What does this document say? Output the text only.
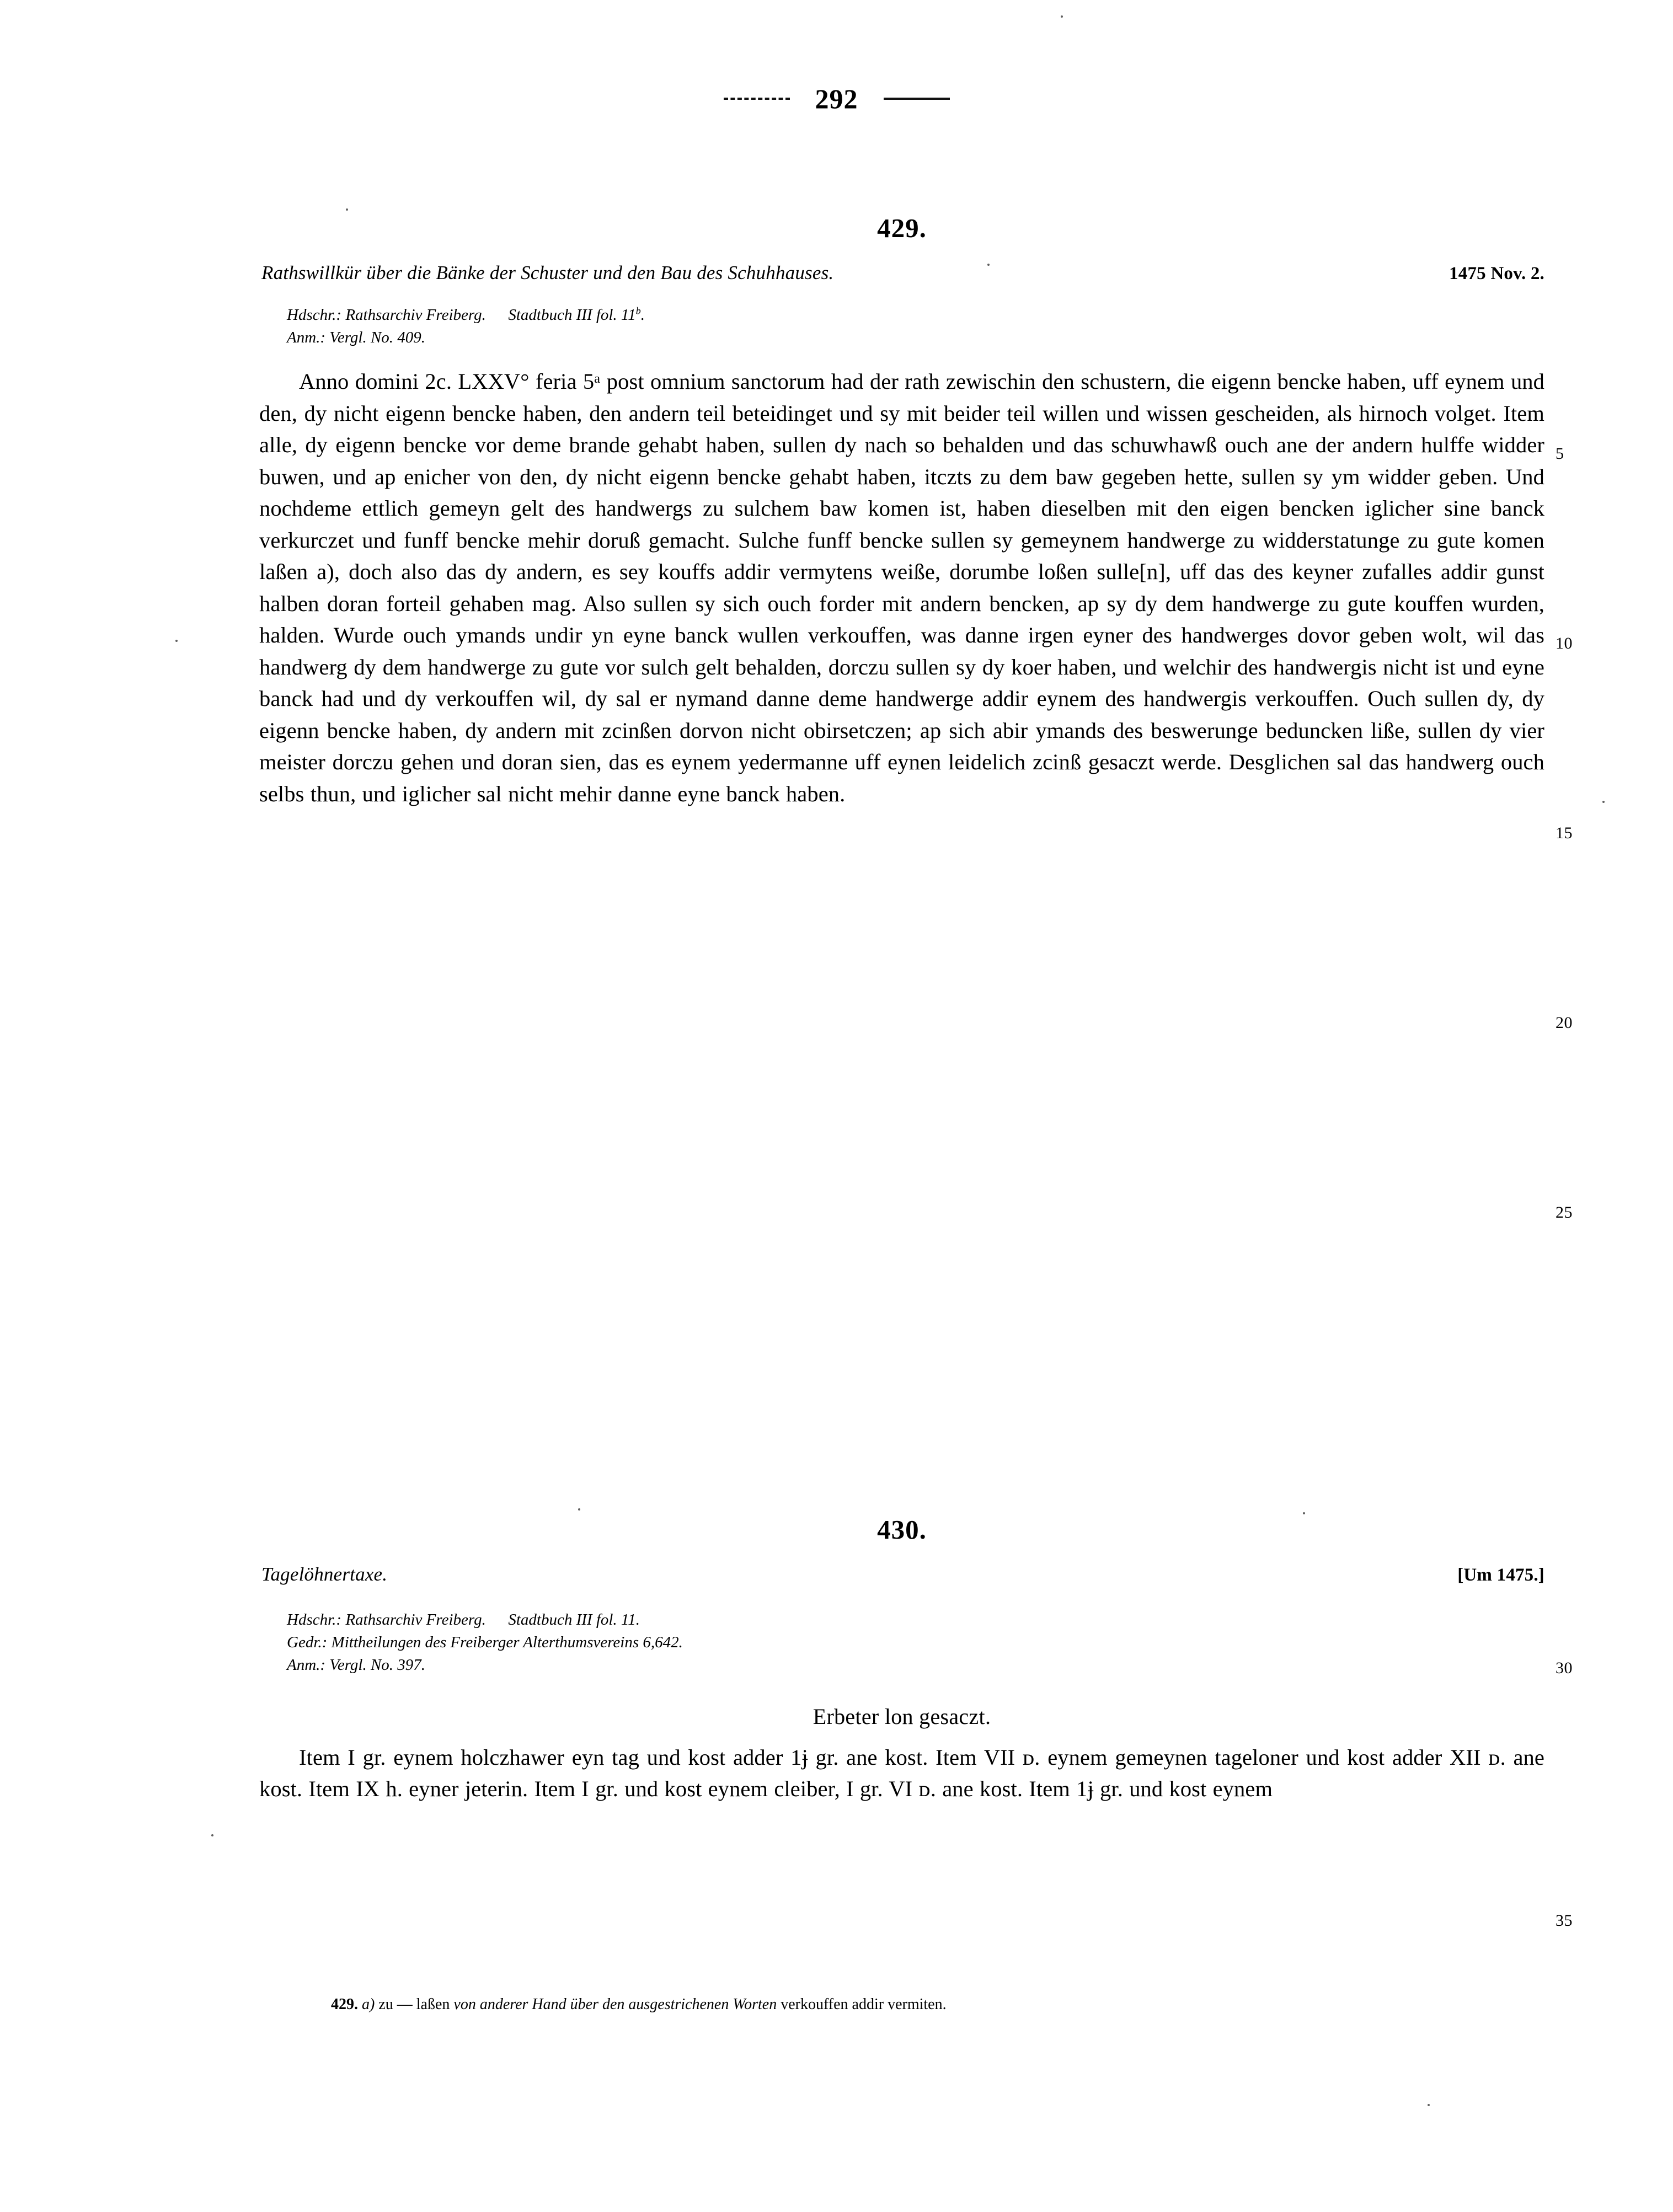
292
5
10
15
20
25
30
35
429.
Rathswillkür über die Bänke der Schuster und den Bau des Schuhhauses.	1475 Nov. 2.
Hdschr.: Rathsarchiv Freiberg. Stadtbuch III fol. 11$^b$.
Anm.: Vergl. No. 409.
Anno domini 2c. LXXV° feria 5ᵃ post omnium sanctorum had der rath zewischin den schustern, die eigenn bencke haben, uff eynem und den, dy nicht eigenn bencke haben, den andern teil beteidinget und sy mit beider teil willen und wissen gescheiden, als hirnoch volget. Item alle, dy eigenn bencke vor deme brande gehabt haben, sullen dy nach so behalden und das schuwhawß ouch ane der andern hulffe widder buwen, und ap enicher von den, dy nicht eigenn bencke gehabt haben, itczts zu dem baw gegeben hette, sullen sy ym widder geben. Und nochdeme ettlich gemeyn gelt des handwergs zu sulchem baw komen ist, haben dieselben mit den eigen bencken iglicher sine banck verkurczet und funff bencke mehir doruß gemacht. Sulche funff bencke sullen sy gemeynem handwerge zu widderstatunge zu gute komen laßen a), doch also das dy andern, es sey kouffs addir vermytens weiße, dorumbe loßen sulle[n], uff das des keyner zufalles addir gunst halben doran forteil gehaben mag. Also sullen sy sich ouch forder mit andern bencken, ap sy dy dem handwerge zu gute kouffen wurden, halden. Wurde ouch ymands undir yn eyne banck wullen verkouffen, was danne irgen eyner des handwerges dovor geben wolt, wil das handwerg dy dem handwerge zu gute vor sulch gelt behalden, dorczu sullen sy dy koer haben, und welchir des handwergis nicht ist und eyne banck had und dy verkouffen wil, dy sal er nymand danne deme handwerge addir eynem des handwergis verkouffen. Ouch sullen dy, dy eigenn bencke haben, dy andern mit zcinßen dorvon nicht obirsetczen; ap sich abir ymands des beswerunge beduncken liße, sullen dy vier meister dorczu gehen und doran sien, das es eynem yedermanne uff eynen leidelich zcinß gesaczt werde. Desglichen sal das handwerg ouch selbs thun, und iglicher sal nicht mehir danne eyne banck haben.
430.
Tagelöhnertaxe.	[Um 1475.]
Hdschr.: Rathsarchiv Freiberg. Stadtbuch III fol. 11.
Gedr.: Mittheilungen des Freiberger Alterthumsvereins 6,642.
Anm.: Vergl. No. 397.
Erbeter lon gesaczt.
Item I gr. eynem holczhawer eyn tag und kost adder 1ɉ gr. ane kost. Item VII ᴅ. eynem gemeynen tageloner und kost adder XII ᴅ. ane kost. Item IX h. eyner jeterin. Item I gr. und kost eynem cleiber, I gr. VI ᴅ. ane kost. Item 1ɉ gr. und kost eynem
429. a) zu — laßen von anderer Hand über den ausgestrichenen Worten verkouffen addir vermiten.
